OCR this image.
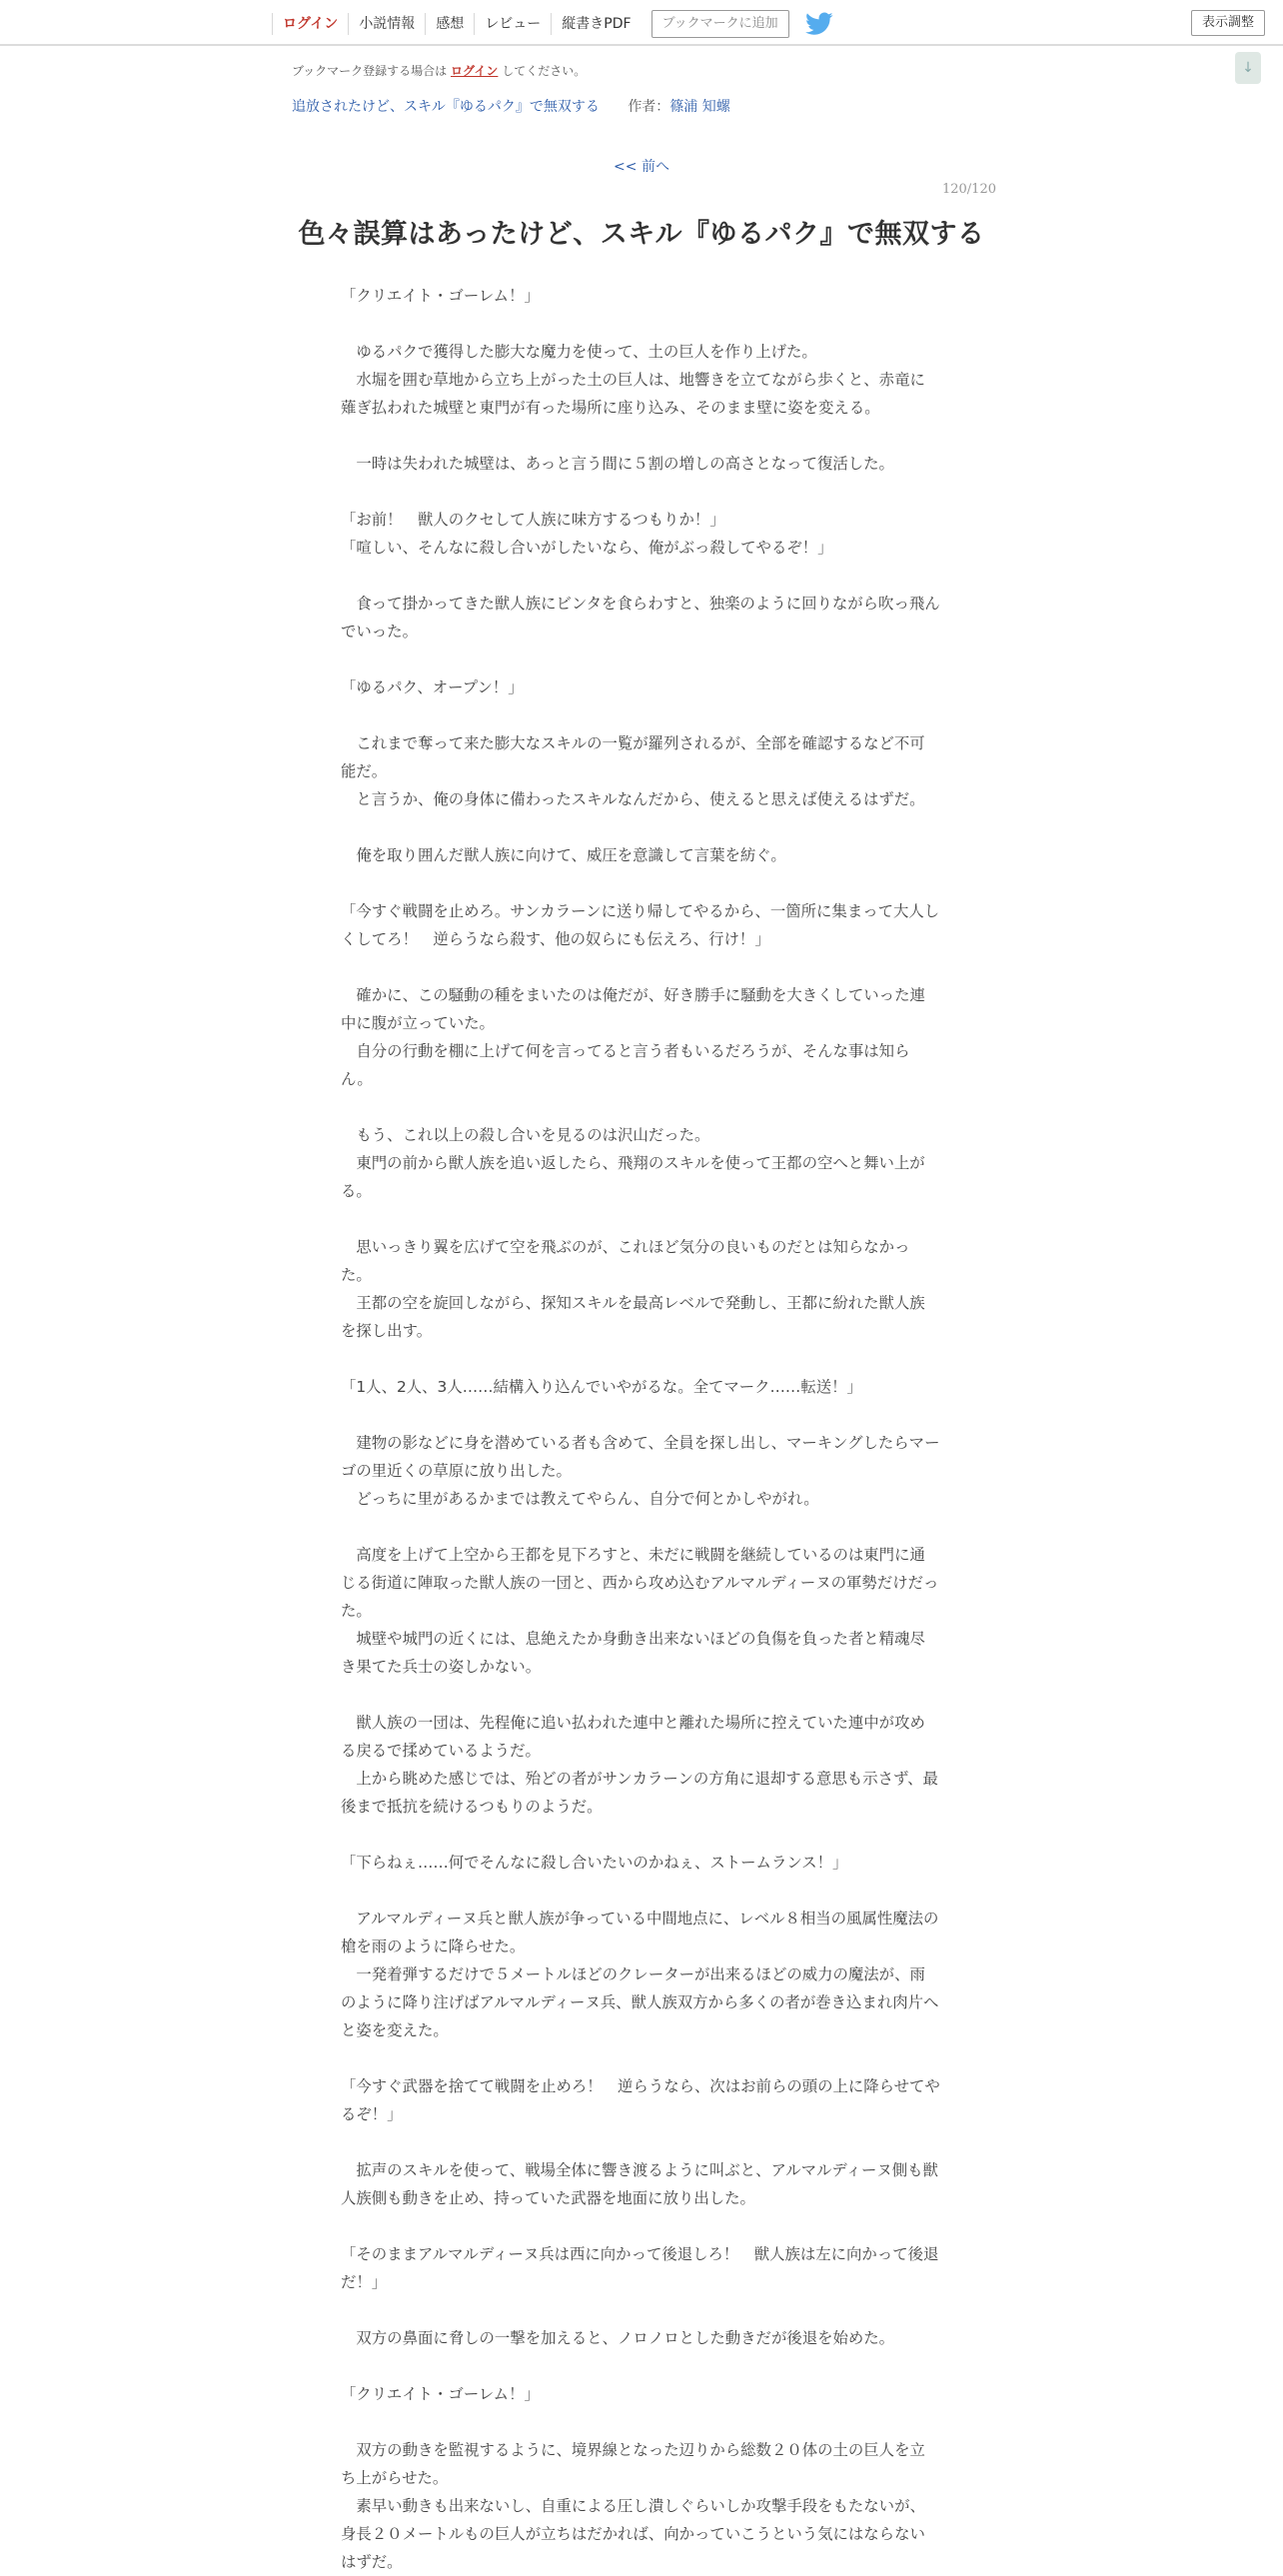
ログイン	小説情報	感想	レビュー	縦書きPDF	ブックマークに追加	表示調整
↓
ブックマーク登録する場合は ログイン してください。
追放されたけど、スキル『ゆるパク』で無双する 作者：篠浦 知螺
<< 前へ
120/120
色々誤算はあったけど、スキル『ゆるパク』で無双する

「クリエイト・ゴーレム！」

　ゆるパクで獲得した膨大な魔力を使って、土の巨人を作り上げた。

　水堀を囲む草地から立ち上がった土の巨人は、地響きを立てながら歩くと、赤竜に薙ぎ払われた城壁と東門が有った場所に座り込み、そのまま壁に姿を変える。

　一時は失われた城壁は、あっと言う間に５割の増しの高さとなって復活した。

「お前！　獣人のクセして人族に味方するつもりか！」

「喧しい、そんなに殺し合いがしたいなら、俺がぶっ殺してやるぞ！」

　食って掛かってきた獣人族にビンタを食らわすと、独楽のように回りながら吹っ飛んでいった。

「ゆるパク、オープン！」

　これまで奪って来た膨大なスキルの一覧が羅列されるが、全部を確認するなど不可能だ。

　と言うか、俺の身体に備わったスキルなんだから、使えると思えば使えるはずだ。

　俺を取り囲んだ獣人族に向けて、威圧を意識して言葉を紡ぐ。

「今すぐ戦闘を止めろ。サンカラーンに送り帰してやるから、一箇所に集まって大人しくしてろ！　逆らうなら殺す、他の奴らにも伝えろ、行け！」

　確かに、この騒動の種をまいたのは俺だが、好き勝手に騒動を大きくしていった連中に腹が立っていた。

　自分の行動を棚に上げて何を言ってると言う者もいるだろうが、そんな事は知らん。

　もう、これ以上の殺し合いを見るのは沢山だった。

　東門の前から獣人族を追い返したら、飛翔のスキルを使って王都の空へと舞い上がる。

　思いっきり翼を広げて空を飛ぶのが、これほど気分の良いものだとは知らなかった。

　王都の空を旋回しながら、探知スキルを最高レベルで発動し、王都に紛れた獣人族を探し出す。

「1人、2人、3人……結構入り込んでいやがるな。全てマーク……転送！」

　建物の影などに身を潜めている者も含めて、全員を探し出し、マーキングしたらマーゴの里近くの草原に放り出した。

　どっちに里があるかまでは教えてやらん、自分で何とかしやがれ。

　高度を上げて上空から王都を見下ろすと、未だに戦闘を継続しているのは東門に通じる街道に陣取った獣人族の一団と、西から攻め込むアルマルディーヌの軍勢だけだった。

　城壁や城門の近くには、息絶えたか身動き出来ないほどの負傷を負った者と精魂尽き果てた兵士の姿しかない。

　獣人族の一団は、先程俺に追い払われた連中と離れた場所に控えていた連中が攻める戻るで揉めているようだ。

　上から眺めた感じでは、殆どの者がサンカラーンの方角に退却する意思も示さず、最後まで抵抗を続けるつもりのようだ。

「下らねぇ……何でそんなに殺し合いたいのかねぇ、ストームランス！」

　アルマルディーヌ兵と獣人族が争っている中間地点に、レベル８相当の風属性魔法の槍を雨のように降らせた。

　一発着弾するだけで５メートルほどのクレーターが出来るほどの威力の魔法が、雨のように降り注げばアルマルディーヌ兵、獣人族双方から多くの者が巻き込まれ肉片へと姿を変えた。

「今すぐ武器を捨てて戦闘を止めろ！　逆らうなら、次はお前らの頭の上に降らせてやるぞ！」

　拡声のスキルを使って、戦場全体に響き渡るように叫ぶと、アルマルディーヌ側も獣人族側も動きを止め、持っていた武器を地面に放り出した。

「そのままアルマルディーヌ兵は西に向かって後退しろ！　獣人族は左に向かって後退だ！」

　双方の鼻面に脅しの一撃を加えると、ノロノロとした動きだが後退を始めた。

「クリエイト・ゴーレム！」

　双方の動きを監視するように、境界線となった辺りから総数２０体の土の巨人を立ち上がらせた。

　素早い動きも出来ないし、自重による圧し潰しぐらいしか攻撃手段をもたないが、身長２０メートルもの巨人が立ちはだかれば、向かっていこうという気にはならないはずだ。
